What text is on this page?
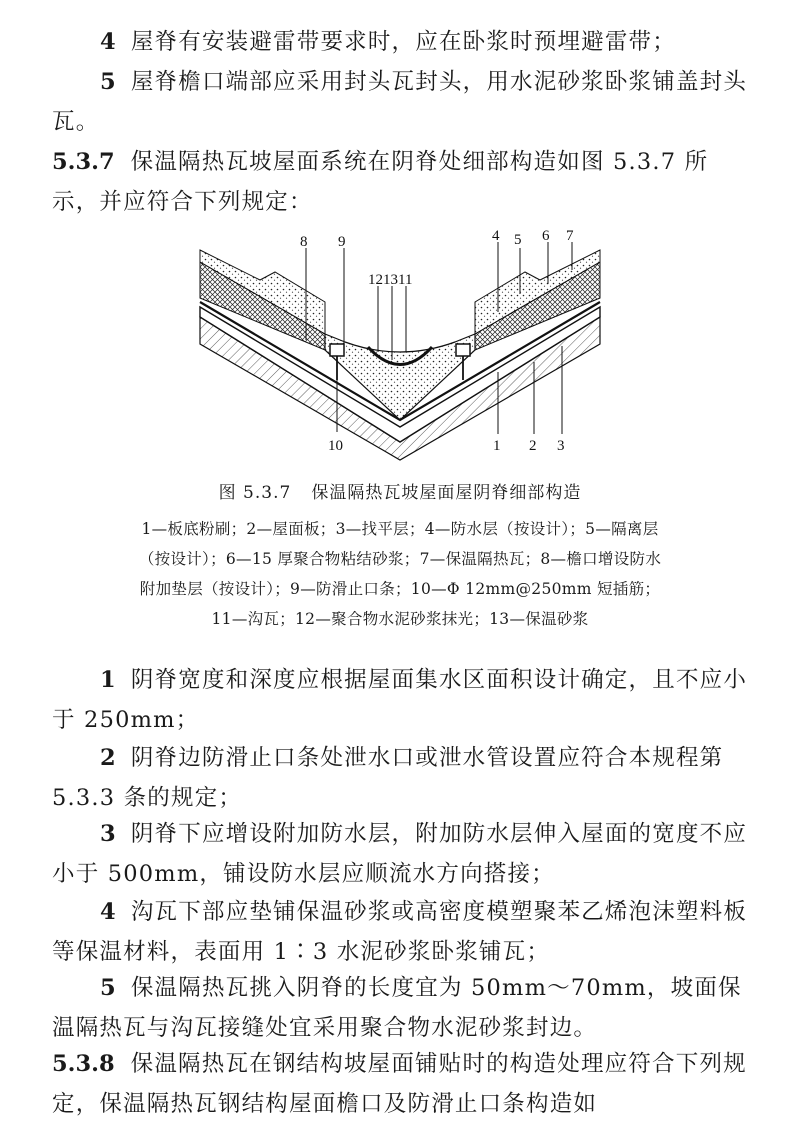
4 屋脊有安装避雷带要求时，应在卧浆时预埋避雷带；

5 屋脊檐口端部应采用封头瓦封头，用水泥砂浆卧浆铺盖封头瓦。

5.3.7 保温隔热瓦坡屋面系统在阴脊处细部构造如图 5.3.7 所示，并应符合下列规定：

8 9
121311
4 5 6 7
10	1 2 3
图 5.3.7 保温隔热瓦坡屋面屋阴脊细部构造
1—板底粉刷；2—屋面板；3—找平层；4—防水层（按设计）；5—隔离层
（按设计）；6—15 厚聚合物粘结砂浆；7—保温隔热瓦；8—檐口增设防水
附加垫层（按设计）；9—防滑止口条；10—Φ 12mm@250mm 短插筋；
11—沟瓦；12—聚合物水泥砂浆抹光；13—保温砂浆

1 阴脊宽度和深度应根据屋面集水区面积设计确定，且不应小于 250mm；

2 阴脊边防滑止口条处泄水口或泄水管设置应符合本规程第 5.3.3 条的规定；

3 阴脊下应增设附加防水层，附加防水层伸入屋面的宽度不应小于 500mm，铺设防水层应顺流水方向搭接；

4 沟瓦下部应垫铺保温砂浆或高密度模塑聚苯乙烯泡沫塑料板等保温材料，表面用 1∶3 水泥砂浆卧浆铺瓦；

5 保温隔热瓦挑入阴脊的长度宜为 50mm～70mm，坡面保温隔热瓦与沟瓦接缝处宜采用聚合物水泥砂浆封边。

5.3.8 保温隔热瓦在钢结构坡屋面铺贴时的构造处理应符合下列规定，保温隔热瓦钢结构屋面檐口及防滑止口条构造如
